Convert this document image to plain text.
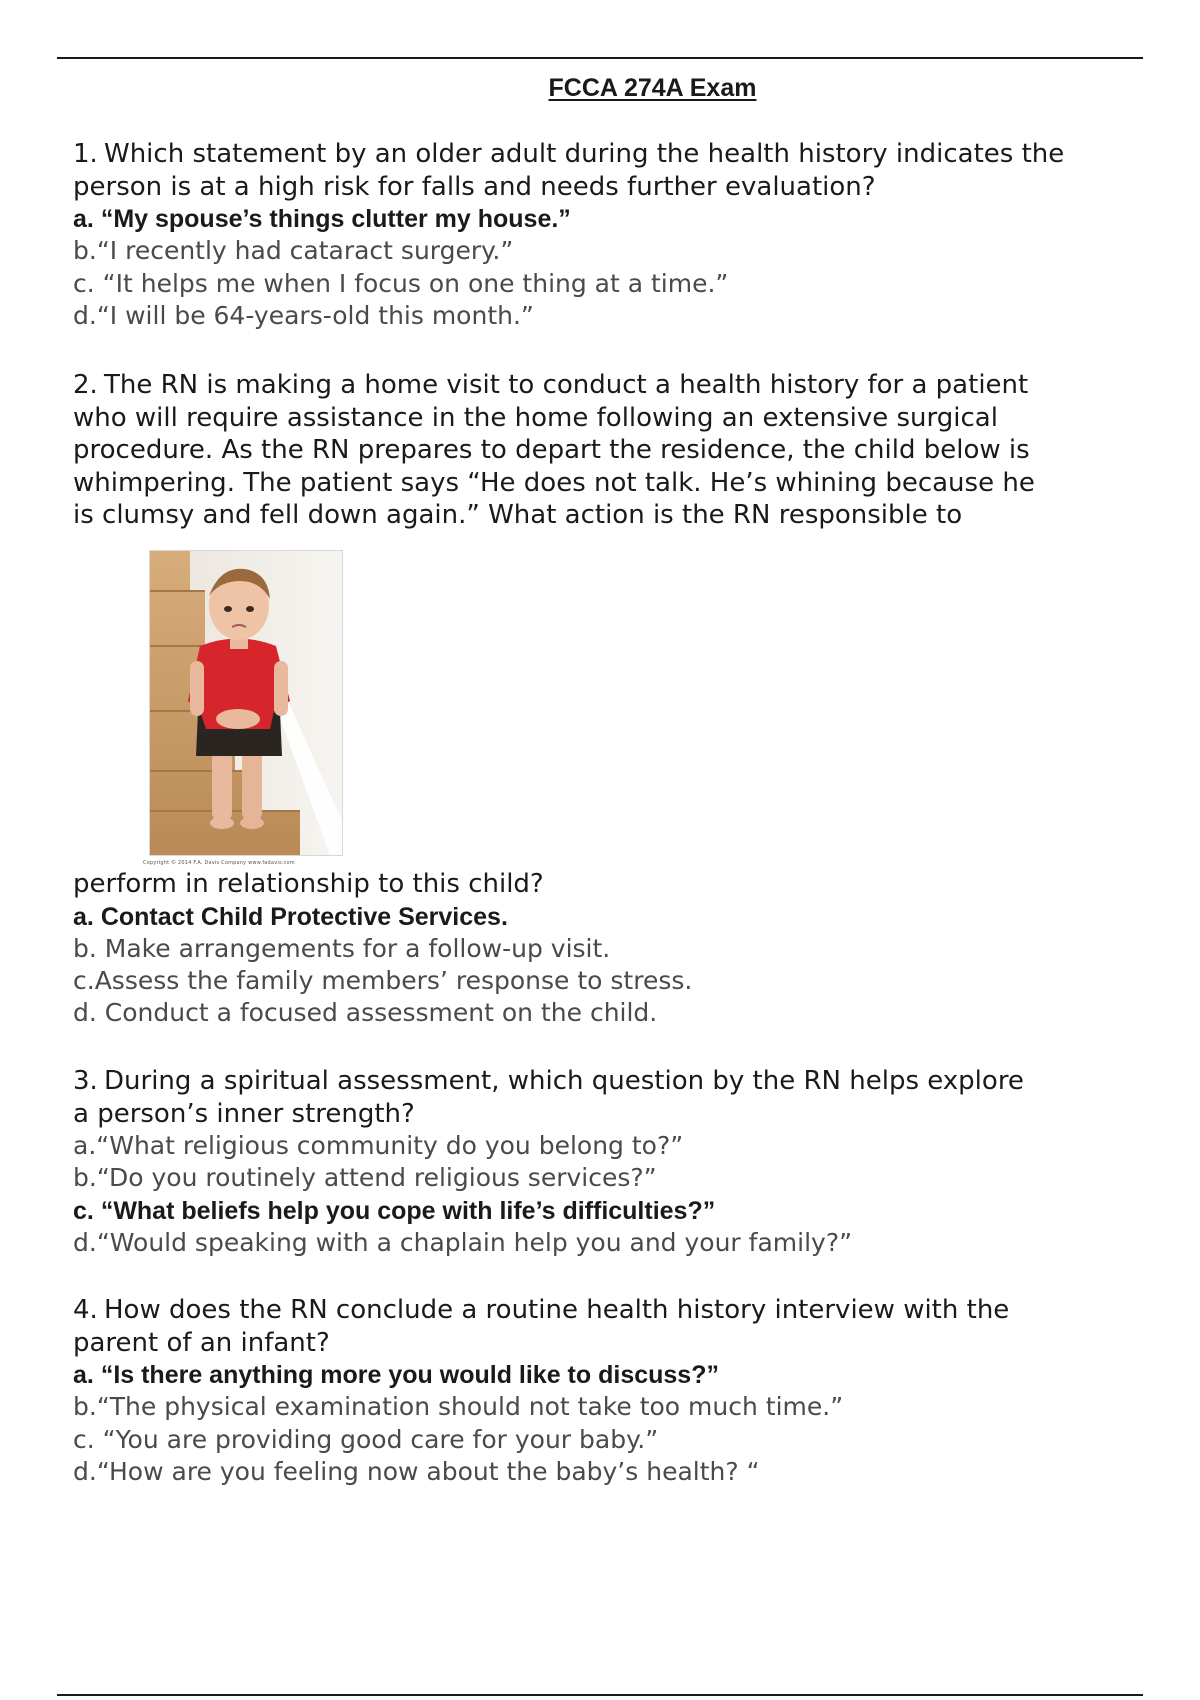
FCCA 274A Exam

1. Which statement by an older adult during the health history indicates the
person is at a high risk for falls and needs further evaluation?

a. “My spouse’s things clutter my house.”
b.“I recently had cataract surgery.”
c. “It helps me when I focus on one thing at a time.”
d.“I will be 64-years-old this month.”

2. The RN is making a home visit to conduct a health history for a patient
who will require assistance in the home following an extensive surgical
procedure. As the RN prepares to depart the residence, the child below is
whimpering. The patient says “He does not talk. He’s whining because he
is clumsy and fell down again.” What action is the RN responsible to

Copyright © 2014 F.A. Davis Company www.fadavis.com

perform in relationship to this child?

a. Contact Child Protective Services.
b. Make arrangements for a follow-up visit.
c.Assess the family members’ response to stress.
d. Conduct a focused assessment on the child.

3. During a spiritual assessment, which question by the RN helps explore
a person’s inner strength?

a.“What religious community do you belong to?”
b.“Do you routinely attend religious services?”
c. “What beliefs help you cope with life’s difficulties?”
d.“Would speaking with a chaplain help you and your family?”

4. How does the RN conclude a routine health history interview with the
parent of an infant?

a. “Is there anything more you would like to discuss?”
b.“The physical examination should not take too much time.”
c. “You are providing good care for your baby.”
d.“How are you feeling now about the baby’s health? “
